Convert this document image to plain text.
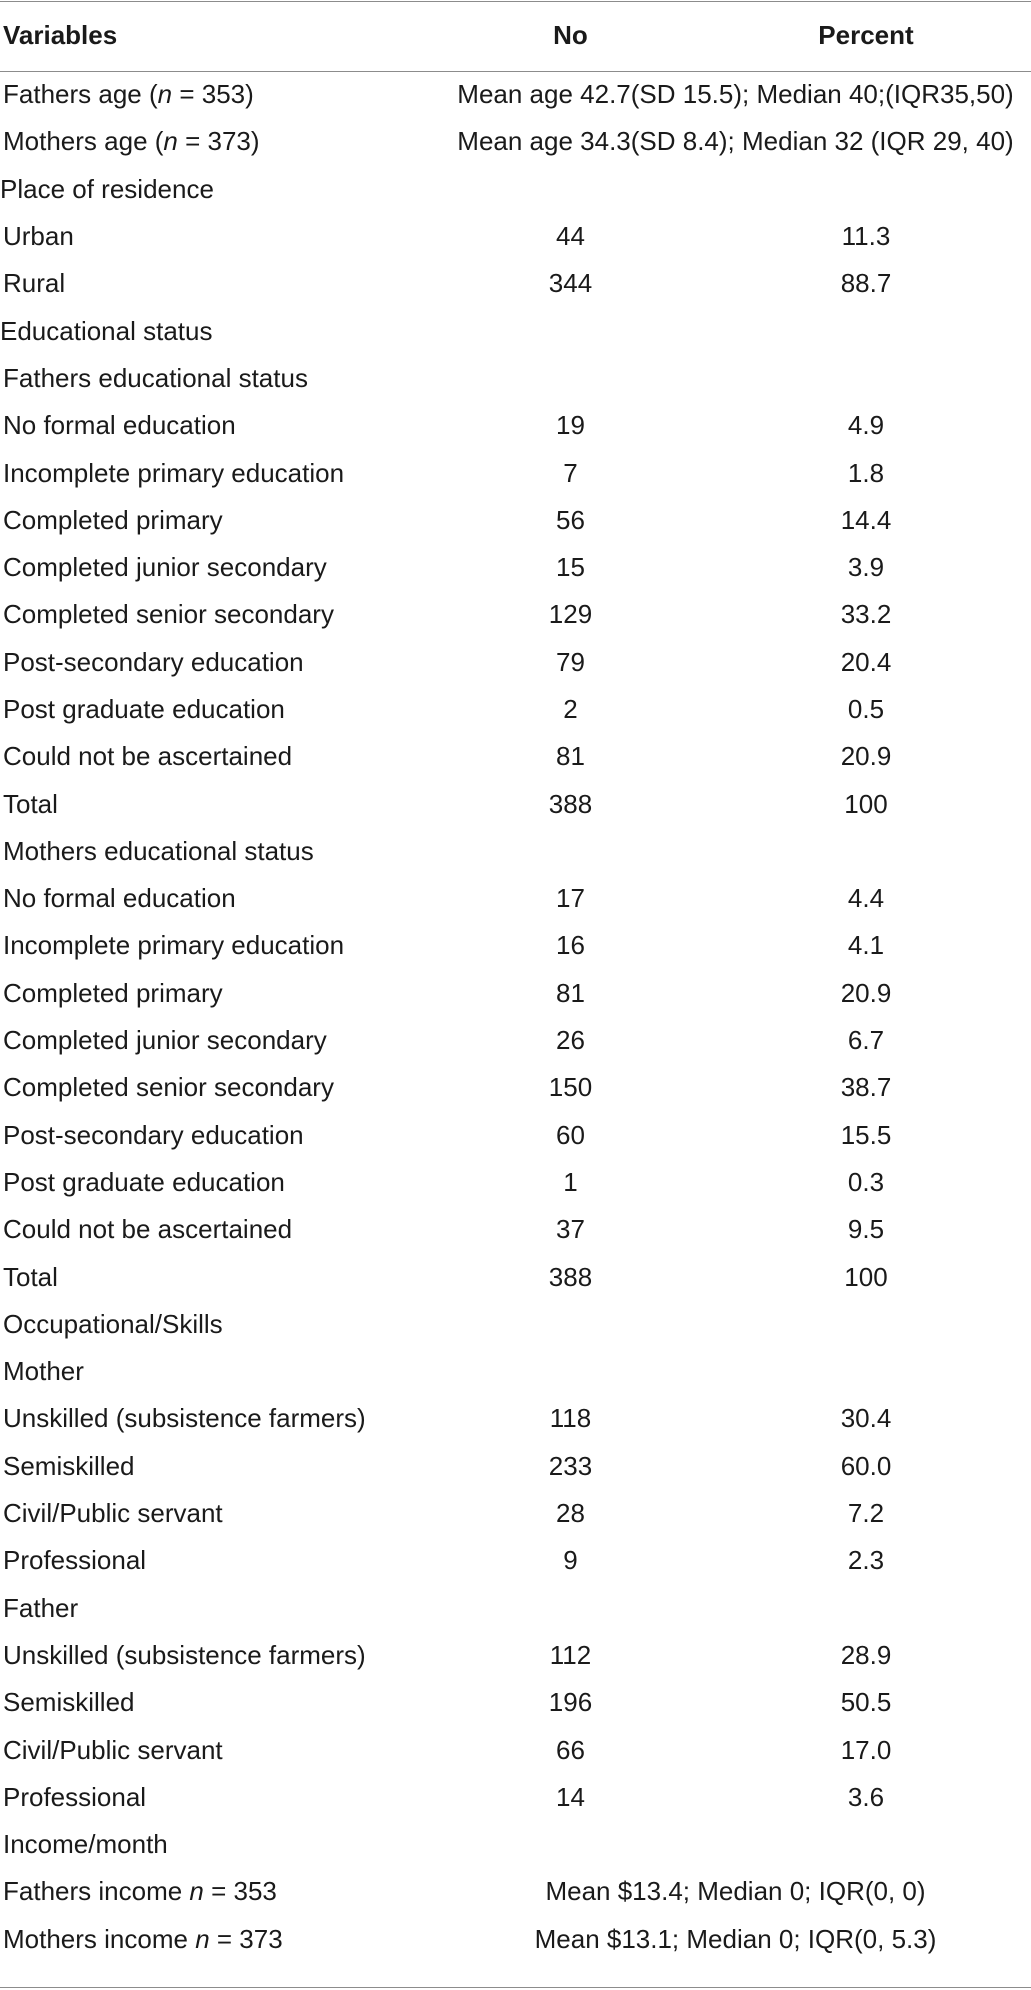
Variables	No	Percent
Fathers age (n = 353)	Mean age 42.7(SD 15.5); Median 40;(IQR35,50)
Mothers age (n = 373)	Mean age 34.3(SD 8.4); Median 32 (IQR 29, 40)
Place of residence
Urban	44	11.3
Rural	344	88.7
Educational status
Fathers educational status
No formal education	19	4.9
Incomplete primary education	7	1.8
Completed primary	56	14.4
Completed junior secondary	15	3.9
Completed senior secondary	129	33.2
Post-secondary education	79	20.4
Post graduate education	2	0.5
Could not be ascertained	81	20.9
Total	388	100
Mothers educational status
No formal education	17	4.4
Incomplete primary education	16	4.1
Completed primary	81	20.9
Completed junior secondary	26	6.7
Completed senior secondary	150	38.7
Post-secondary education	60	15.5
Post graduate education	1	0.3
Could not be ascertained	37	9.5
Total	388	100
Occupational/Skills
Mother
Unskilled (subsistence farmers)	118	30.4
Semiskilled	233	60.0
Civil/Public servant	28	7.2
Professional	9	2.3
Father
Unskilled (subsistence farmers)	112	28.9
Semiskilled	196	50.5
Civil/Public servant	66	17.0
Professional	14	3.6
Income/month
Fathers income n = 353	Mean $13.4; Median 0; IQR(0, 0)
Mothers income n = 373	Mean $13.1; Median 0; IQR(0, 5.3)
